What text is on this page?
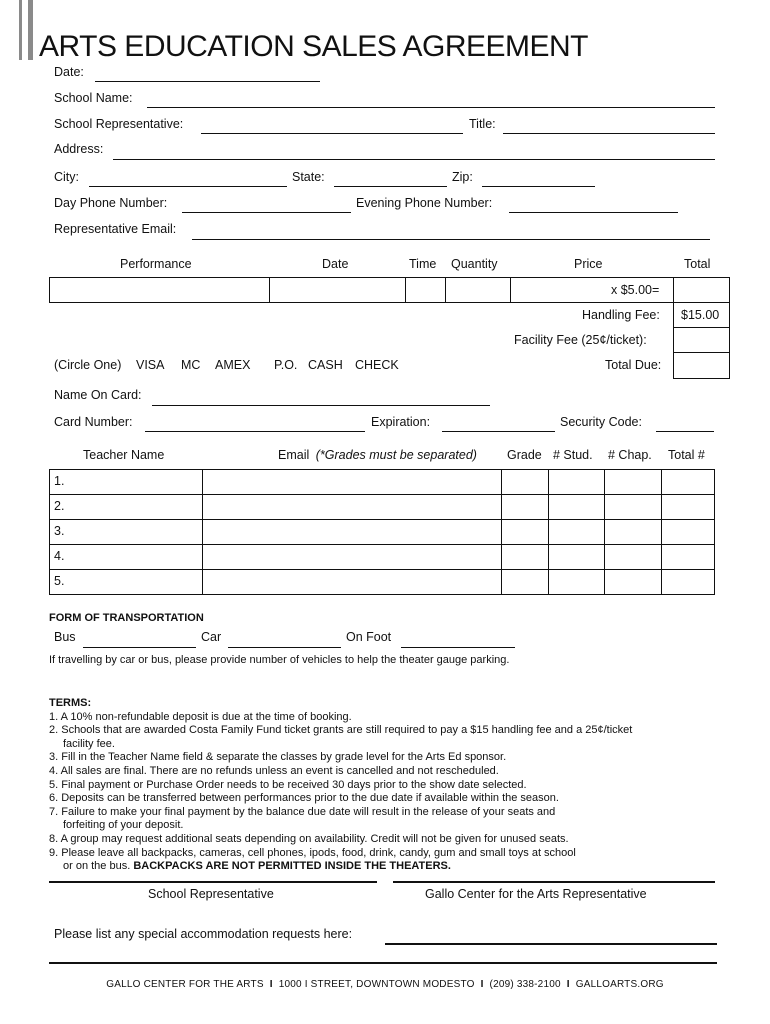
ARTS EDUCATION SALES AGREEMENT
Date:
School Name:
School Representative:	Title:
Address:
City:	State:	Zip:
Day Phone Number:	Evening Phone Number:
Representative Email:
Performance	Date	Time Quantity	Price	Total
x $5.00=
Handling Fee: $15.00
Facility Fee (25¢/ticket):
(Circle One) VISA MC AMEX P.O. CASH CHECK	Total Due:
Name On Card:
Card Number:	Expiration:	Security Code:
Teacher Name	Email (*Grades must be separated) Grade # Stud. # Chap. Total #
1.
2.
3.
4.
5.
FORM OF TRANSPORTATION
Bus	Car	On Foot
If travelling by car or bus, please provide number of vehicles to help the theater gauge parking.
TERMS:
1. A 10% non-refundable deposit is due at the time of booking.
2. Schools that are awarded Costa Family Fund ticket grants are still required to pay a $15 handling fee and a 25¢/ticket
facility fee.
3. Fill in the Teacher Name field & separate the classes by grade level for the Arts Ed sponsor.
4. All sales are final. There are no refunds unless an event is cancelled and not rescheduled.
5. Final payment or Purchase Order needs to be received 30 days prior to the show date selected.
6. Deposits can be transferred between performances prior to the due date if available within the season.
7. Failure to make your final payment by the balance due date will result in the release of your seats and
forfeiting of your deposit.
8. A group may request additional seats depending on availability. Credit will not be given for unused seats.
9. Please leave all backpacks, cameras, cell phones, ipods, food, drink, candy, gum and small toys at school
or on the bus. BACKPACKS ARE NOT PERMITTED INSIDE THE THEATERS.
School Representative	Gallo Center for the Arts Representative
Please list any special accommodation requests here:
GALLO CENTER FOR THE ARTS I 1000 I STREET, DOWNTOWN MODESTO I (209) 338-2100 I GALLOARTS.ORG
